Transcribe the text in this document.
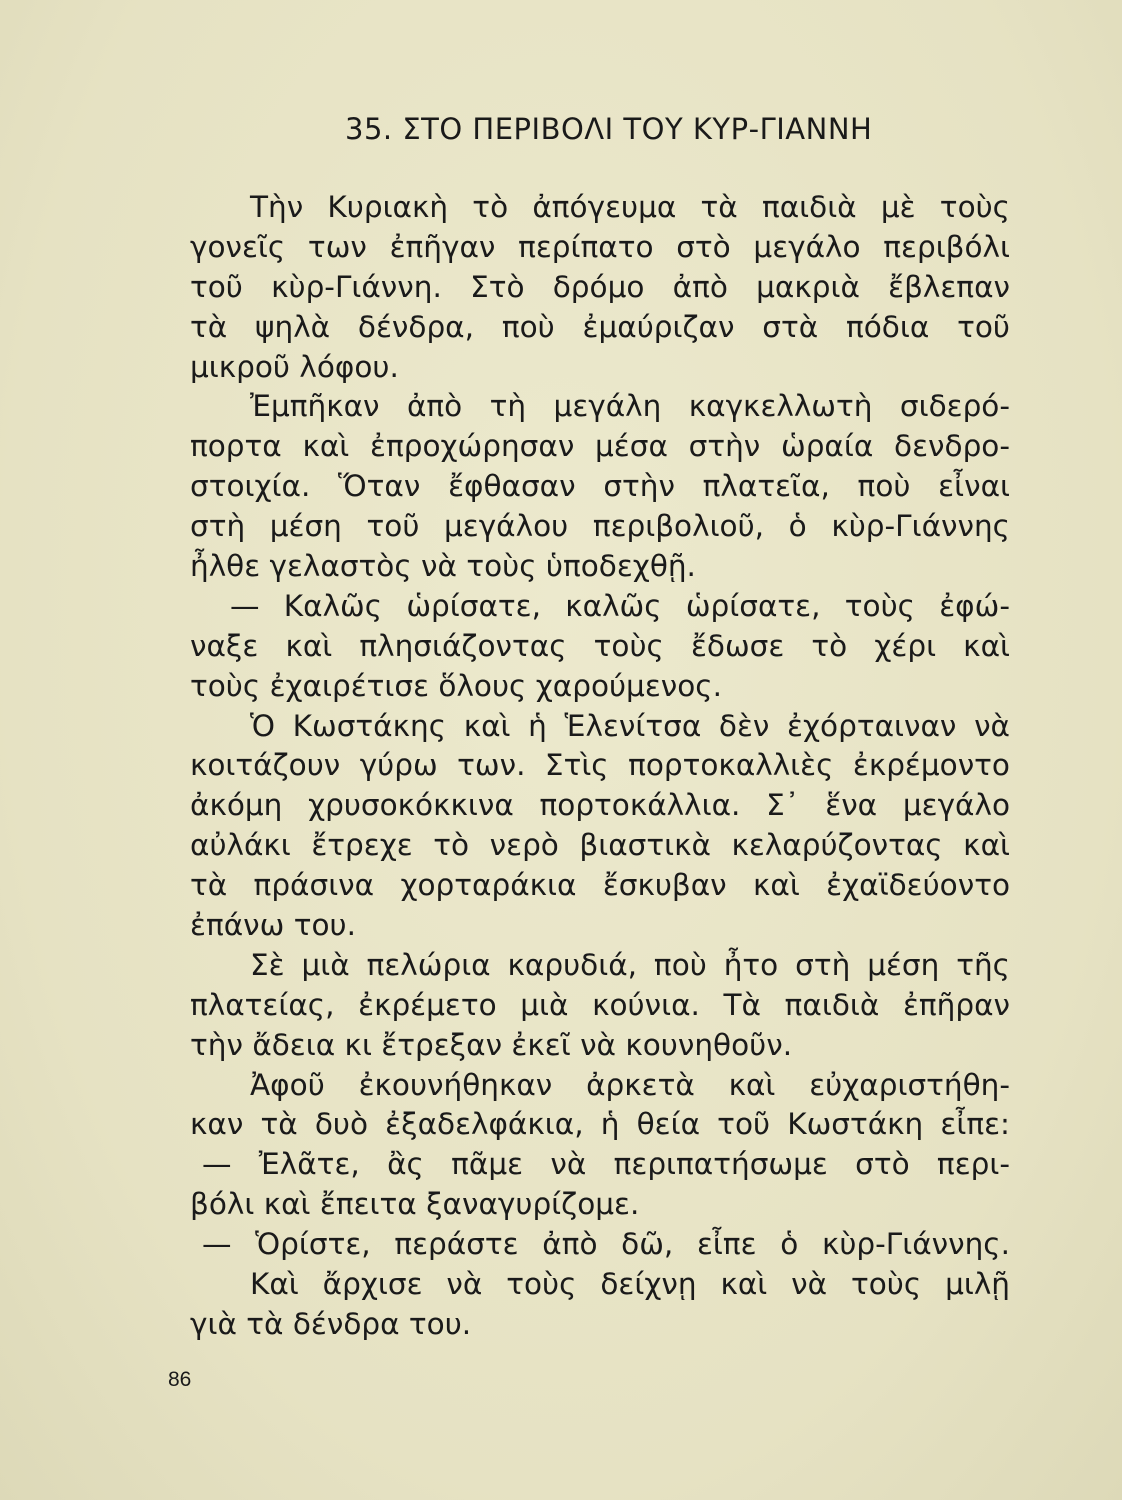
35. ΣΤΟ ΠΕΡΙΒΟΛΙ ΤΟΥ ΚΥΡ-ΓΙΑΝΝΗ
Τὴν Κυριακὴ τὸ ἀπόγευμα τὰ παιδιὰ μὲ τοὺς
γονεῖς των ἐπῆγαν περίπατο στὸ μεγάλο περιβόλι
τοῦ κὺρ-Γιάννη. Στὸ δρόμο ἀπὸ μακριὰ ἔβλεπαν
τὰ ψηλὰ δένδρα, ποὺ ἐμαύριζαν στὰ πόδια τοῦ
μικροῦ λόφου.
Ἐμπῆκαν ἀπὸ τὴ μεγάλη καγκελλωτὴ σιδερό-
πορτα καὶ ἐπροχώρησαν μέσα στὴν ὡραία δενδρο-
στοιχία. Ὅταν ἔφθασαν στὴν πλατεῖα, ποὺ εἶναι
στὴ μέση τοῦ μεγάλου περιβολιοῦ, ὁ κὺρ-Γιάννης
ἦλθε γελαστὸς νὰ τοὺς ὑποδεχθῇ.
— Καλῶς ὡρίσατε, καλῶς ὡρίσατε, τοὺς ἐφώ-
ναξε καὶ πλησιάζοντας τοὺς ἔδωσε τὸ χέρι καὶ
τοὺς ἐχαιρέτισε ὅλους χαρούμενος.
Ὁ Κωστάκης καὶ ἡ Ἑλενίτσα δὲν ἐχόρταιναν νὰ
κοιτάζουν γύρω των. Στὶς πορτοκαλλιὲς ἐκρέμοντο
ἀκόμη χρυσοκόκκινα πορτοκάλλια. Σ᾽ ἕνα μεγάλο
αὐλάκι ἔτρεχε τὸ νερὸ βιαστικὰ κελαρύζοντας καὶ
τὰ πράσινα χορταράκια ἔσκυβαν καὶ ἐχαϊδεύοντο
ἐπάνω του.
Σὲ μιὰ πελώρια καρυδιά, ποὺ ἦτο στὴ μέση τῆς
πλατείας, ἐκρέμετο μιὰ κούνια. Τὰ παιδιὰ ἐπῆραν
τὴν ἄδεια κι ἔτρεξαν ἐκεῖ νὰ κουνηθοῦν.
Ἀφοῦ ἐκουνήθηκαν ἀρκετὰ καὶ εὐχαριστήθη-
καν τὰ δυὸ ἐξαδελφάκια, ἡ θεία τοῦ Κωστάκη εἶπε:
— Ἐλᾶτε, ἂς πᾶμε νὰ περιπατήσωμε στὸ περι-
βόλι καὶ ἔπειτα ξαναγυρίζομε.
— Ὁρίστε, περάστε ἀπὸ δῶ, εἶπε ὁ κὺρ-Γιάννης.
Καὶ ἄρχισε νὰ τοὺς δείχνῃ καὶ νὰ τοὺς μιλῇ
γιὰ τὰ δένδρα του.
86
